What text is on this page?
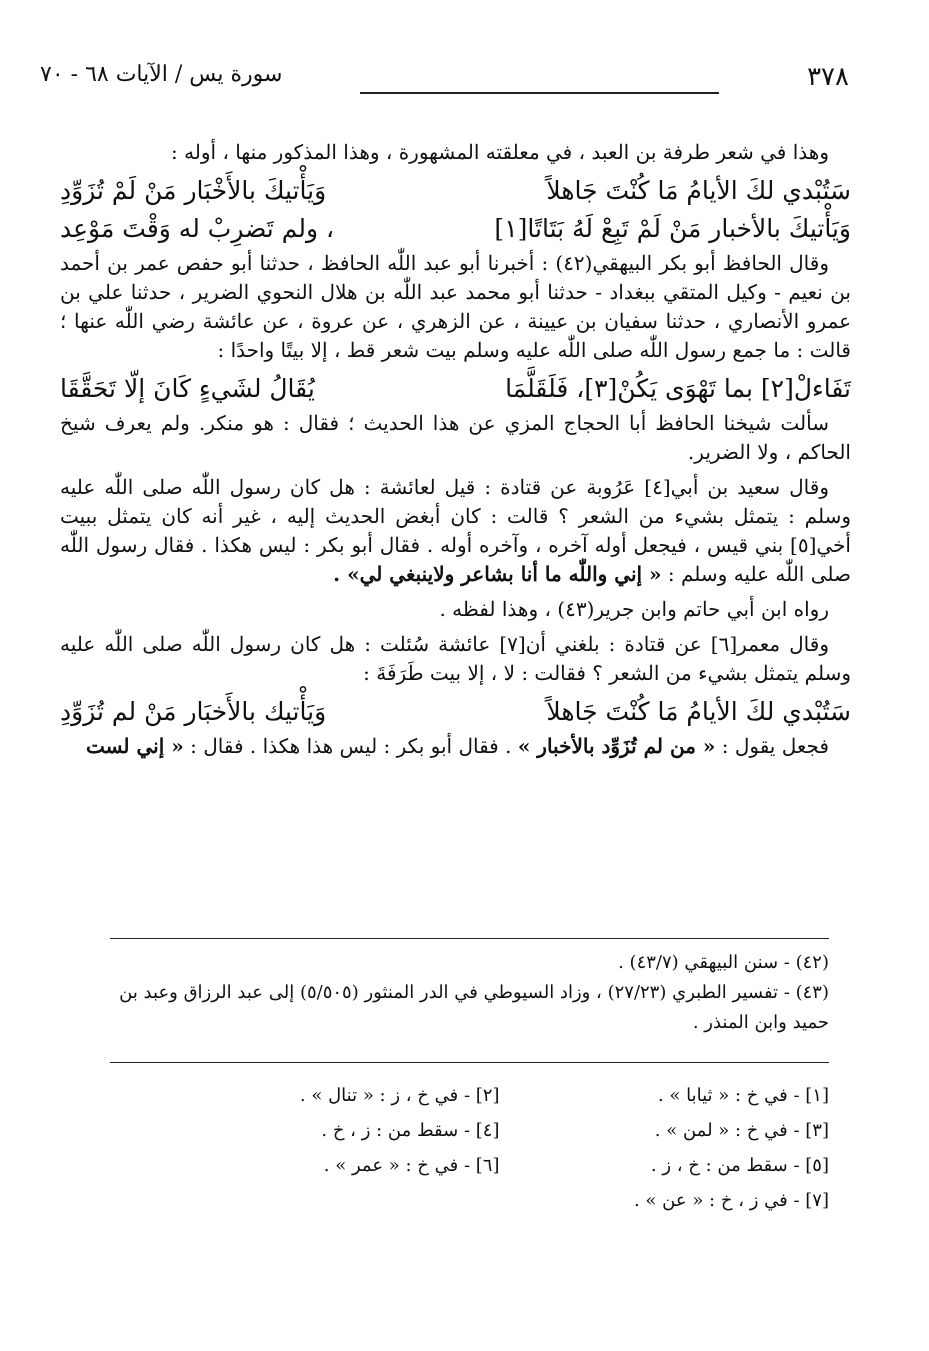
٣٧٨
سورة يس / الآيات ٦٨ - ٧٠

وهذا في شعر طرفة بن العبد ، في معلقته المشهورة ، وهذا المذكور منها ، أوله :

سَتُبْدي لكَ الأيامُ مَا كُنْتَ جَاهلاً
وَيَأْتيكَ بالأَخْبَار مَنْ لَمْ تُزَوِّدِ
وَيَأْتيكَ بالأخبار مَنْ لَمْ تَبِعْ لَهُ بَتَاتًا[١]
، ولم تَضرِبْ له وَقْتَ مَوْعِد

وقال الحافظ أبو بكر البيهقي(٤٢) : أخبرنا أبو عبد اللّٰه الحافظ ، حدثنا أبو حفص عمر بن أحمد بن نعيم - وكيل المتقي ببغداد - حدثنا أبو محمد عبد اللّٰه بن هلال النحوي الضرير ، حدثنا علي بن عمرو الأنصاري ، حدثنا سفيان بن عيينة ، عن الزهري ، عن عروة ، عن عائشة رضي اللّٰه عنها ؛ قالت : ما جمع رسول اللّٰه صلى اللّٰه عليه وسلم بيت شعر قط ، إلا بيتًا واحدًا :

تَفَاءلْ[٢] بما تَهْوَى يَكُنْ[٣]، فَلَقَلَّمَا
يُقَالُ لشَيءٍ كَانَ إلّا تَحَقَّقَا

سألت شيخنا الحافظ أبا الحجاج المزي عن هذا الحديث ؛ فقال : هو منكر. ولم يعرف شيخ الحاكم ، ولا الضرير.

وقال سعيد بن أبي[٤] عَرُوبة عن قتادة : قيل لعائشة : هل كان رسول اللّٰه صلى اللّٰه عليه وسلم : يتمثل بشيء من الشعر ؟ قالت : كان أبغض الحديث إليه ، غير أنه كان يتمثل ببيت أخي[٥] بني قيس ، فيجعل أوله آخره ، وآخره أوله . فقال أبو بكر : ليس هكذا . فقال رسول اللّٰه صلى اللّٰه عليه وسلم : « إني واللّٰه ما أنا بشاعر ولاينبغي لي» .

رواه ابن أبي حاتم وابن جرير(٤٣) ، وهذا لفظه .

وقال معمر[٦] عن قتادة : بلغني أن[٧] عائشة سُئلت : هل كان رسول اللّٰه صلى اللّٰه عليه وسلم يتمثل بشيء من الشعر ؟ فقالت : لا ، إلا بيت طَرَفَةَ :

سَتُبْدي لكَ الأيامُ مَا كُنْتَ جَاهلاً
وَيَأْتيك بالأَخبَار مَنْ لم تُزَوِّدِ

فجعل يقول : « من لم تُزَوِّد بالأخبار » . فقال أبو بكر : ليس هذا هكذا . فقال : « إني لست

(٤٢) - سنن البيهقي (٤٣/٧) .
(٤٣) - تفسير الطبري (٢٧/٢٣) ، وزاد السيوطي في الدر المنثور (٥/٥٠٥) إلى عبد الرزاق وعبد بن حميد وابن المنذر .
[١] - في خ : « ثيابا » .
[٢] - في خ ، ز : « تنال » .
[٣] - في خ : « لمن » .
[٤] - سقط من : ز ، خ .
[٥] - سقط من : خ ، ز .
[٦] - في خ : « عمر » .
[٧] - في ز ، خ : « عن » .
